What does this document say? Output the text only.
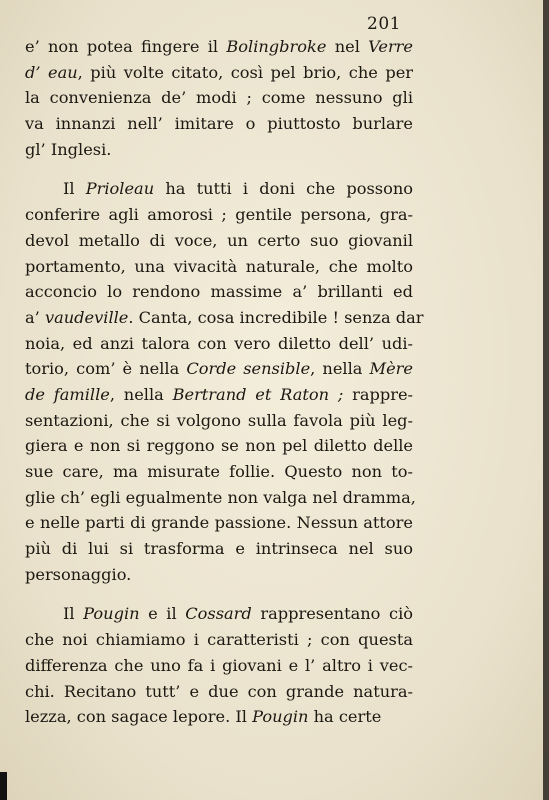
201
e’ non potea fingere il Bolingbroke nel Verre
d’ eau, più volte citato, così pel brio, che per
la convenienza de’ modi ; come nessuno gli
va innanzi nell’ imitare o piuttosto burlare
gl’ Inglesi.
Il Prioleau ha tutti i doni che possono
conferire agli amorosi ; gentile persona, gra-
devol metallo di voce, un certo suo giovanil
portamento, una vivacità naturale, che molto
acconcio lo rendono massime a’ brillanti ed
a’ vaudeville. Canta, cosa incredibile ! senza dar
noia, ed anzi talora con vero diletto dell’ udi-
torio, com’ è nella Corde sensible, nella Mère
de famille, nella Bertrand et Raton ; rappre-
sentazioni, che si volgono sulla favola più leg-
giera e non si reggono se non pel diletto delle
sue care, ma misurate follie. Questo non to-
glie ch’ egli egualmente non valga nel dramma,
e nelle parti di grande passione. Nessun attore
più di lui si trasforma e intrinseca nel suo
personaggio.
Il Pougin e il Cossard rappresentano ciò
che noi chiamiamo i caratteristi ; con questa
differenza che uno fa i giovani e l’ altro i vec-
chi. Recitano tutt’ e due con grande natura-
lezza, con sagace lepore. Il Pougin ha certe
